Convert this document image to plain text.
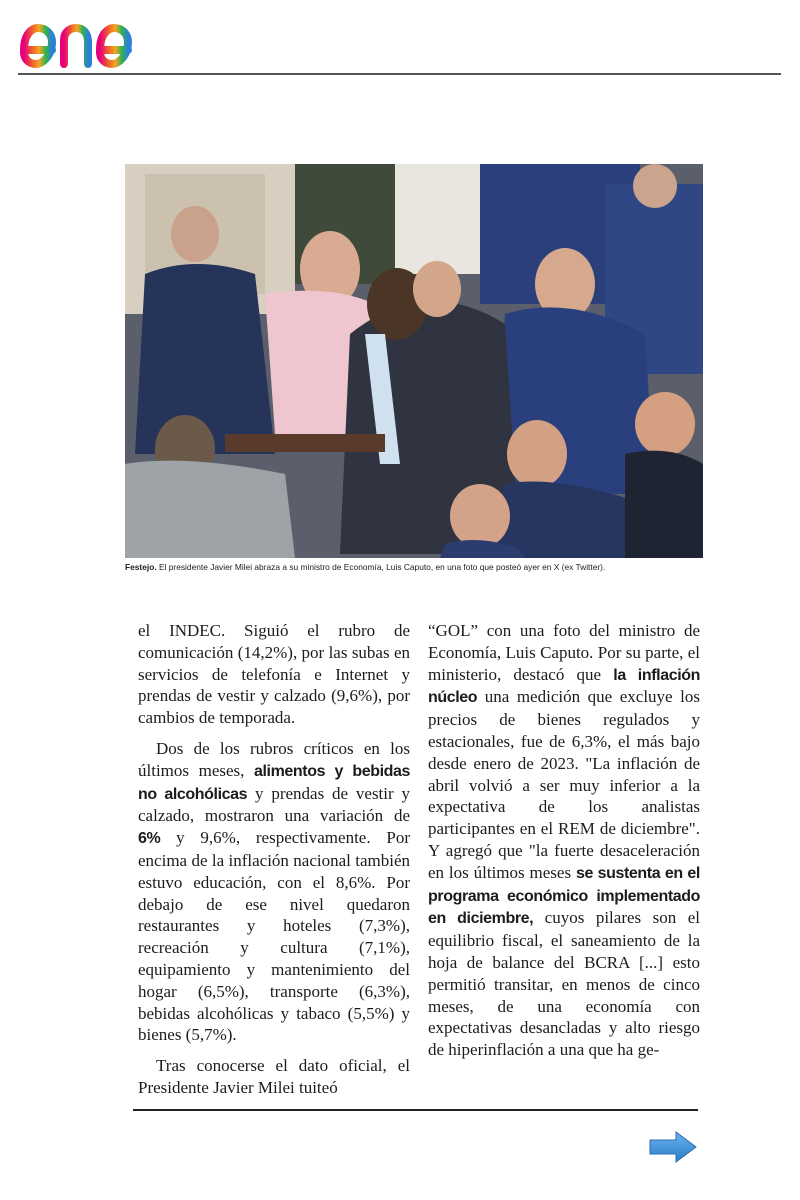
Festejo. El presidente Javier Milei abraza a su ministro de Economía, Luis Caputo, en una foto que posteó ayer en X (ex Twitter).

el INDEC. Siguió el rubro de comunicación (14,2%), por las subas en servicios de telefonía e Internet y prendas de vestir y calzado (9,6%), por cambios de temporada.

Dos de los rubros críticos en los últimos meses, alimentos y bebidas no alcohólicas y prendas de vestir y calzado, mostraron una variación de 6% y 9,6%, respectivamente. Por encima de la inflación nacional también estuvo educación, con el 8,6%. Por debajo de ese nivel quedaron restaurantes y hoteles (7,3%), recreación y cultura (7,1%), equipamiento y mantenimiento del hogar (6,5%), transporte (6,3%), bebidas alcohólicas y tabaco (5,5%) y bienes (5,7%).

Tras conocerse el dato oficial, el Presidente Javier Milei tuiteó

“GOL” con una foto del ministro de Economía, Luis Caputo. Por su parte, el ministerio, destacó que la inflación núcleo una medición que excluye los precios de bienes regulados y estacionales, fue de 6,3%, el más bajo desde enero de 2023. "La inflación de abril volvió a ser muy inferior a la expectativa de los analistas participantes en el REM de diciembre". Y agregó que "la fuerte desaceleración en los últimos meses se sustenta en el programa económico implementado en diciembre, cuyos pilares son el equilibrio fiscal, el saneamiento de la hoja de balance del BCRA [...] esto permitió transitar, en menos de cinco meses, de una economía con expectativas desancladas y alto riesgo de hiperinflación a una que ha ge-
